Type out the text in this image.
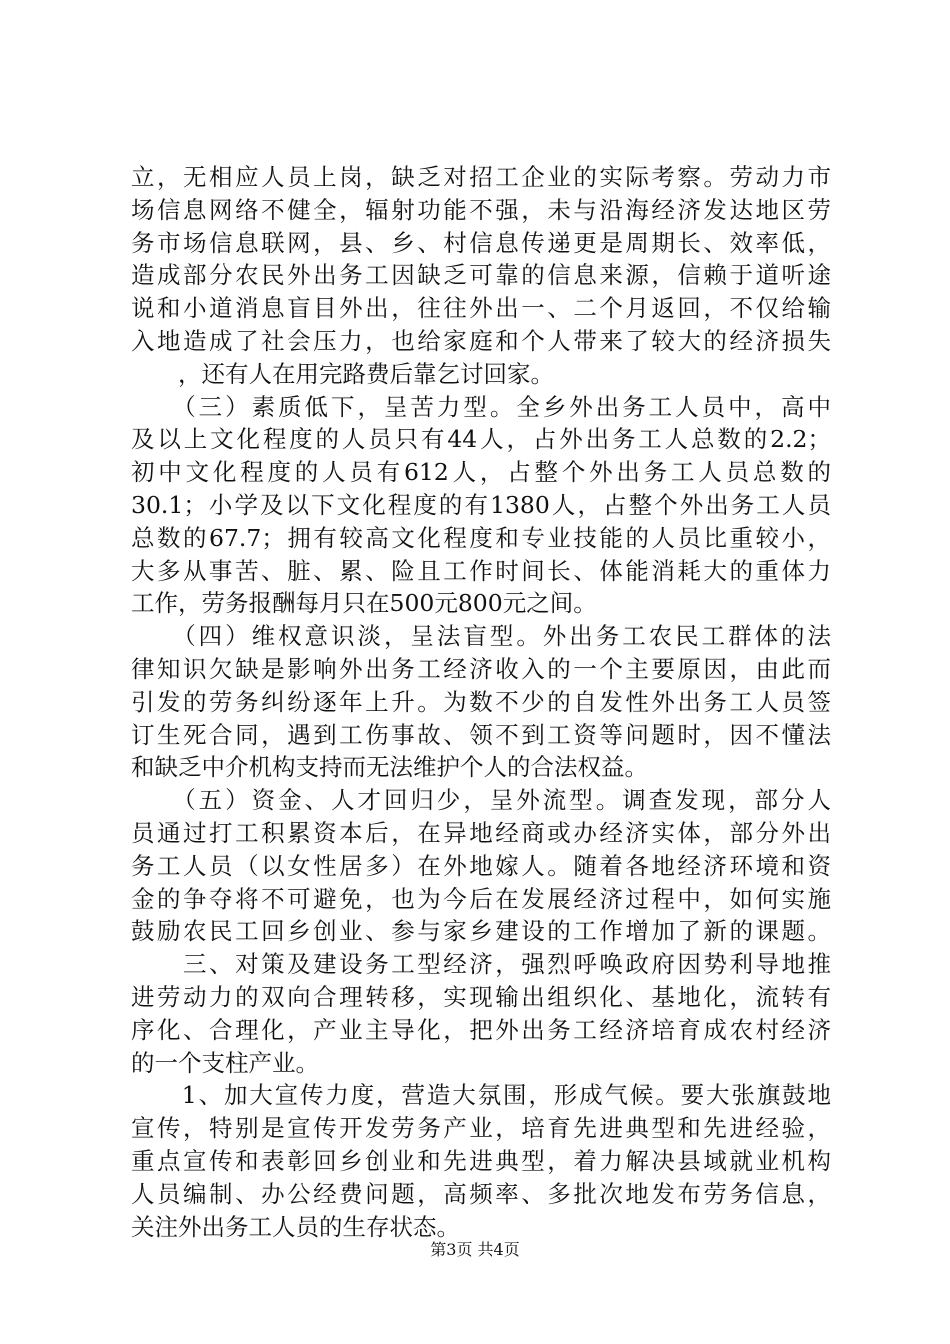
立，无相应人员上岗，缺乏对招工企业的实际考察。劳动力市
场信息网络不健全，辐射功能不强，未与沿海经济发达地区劳
务市场信息联网，县、乡、村信息传递更是周期长、效率低，
造成部分农民外出务工因缺乏可靠的信息来源，信赖于道听途
说和小道消息盲目外出，往往外出一、二个月返回，不仅给输
入地造成了社会压力，也给家庭和个人带来了较大的经济损失
　　，还有人在用完路费后靠乞讨回家。
　　（三）素质低下，呈苦力型。全乡外出务工人员中，高中
及以上文化程度的人员只有44人，占外出务工人总数的2.2；
初中文化程度的人员有612人，占整个外出务工人员总数的
30.1；小学及以下文化程度的有1380人，占整个外出务工人员
总数的67.7；拥有较高文化程度和专业技能的人员比重较小，
大多从事苦、脏、累、险且工作时间长、体能消耗大的重体力
工作，劳务报酬每月只在500元800元之间。
　　（四）维权意识淡，呈法盲型。外出务工农民工群体的法
律知识欠缺是影响外出务工经济收入的一个主要原因，由此而
引发的劳务纠纷逐年上升。为数不少的自发性外出务工人员签
订生死合同，遇到工伤事故、领不到工资等问题时，因不懂法
和缺乏中介机构支持而无法维护个人的合法权益。
　　（五）资金、人才回归少，呈外流型。调查发现，部分人
员通过打工积累资本后，在异地经商或办经济实体，部分外出
务工人员（以女性居多）在外地嫁人。随着各地经济环境和资
金的争夺将不可避免，也为今后在发展经济过程中，如何实施
鼓励农民工回乡创业、参与家乡建设的工作增加了新的课题。
　　三、对策及建设务工型经济，强烈呼唤政府因势利导地推
进劳动力的双向合理转移，实现输出组织化、基地化，流转有
序化、合理化，产业主导化，把外出务工经济培育成农村经济
的一个支柱产业。
　　1、加大宣传力度，营造大氛围，形成气候。要大张旗鼓地
宣传，特别是宣传开发劳务产业，培育先进典型和先进经验，
重点宣传和表彰回乡创业和先进典型，着力解决县域就业机构
人员编制、办公经费问题，高频率、多批次地发布劳务信息，
关注外出务工人员的生存状态。
第3页 共4页
